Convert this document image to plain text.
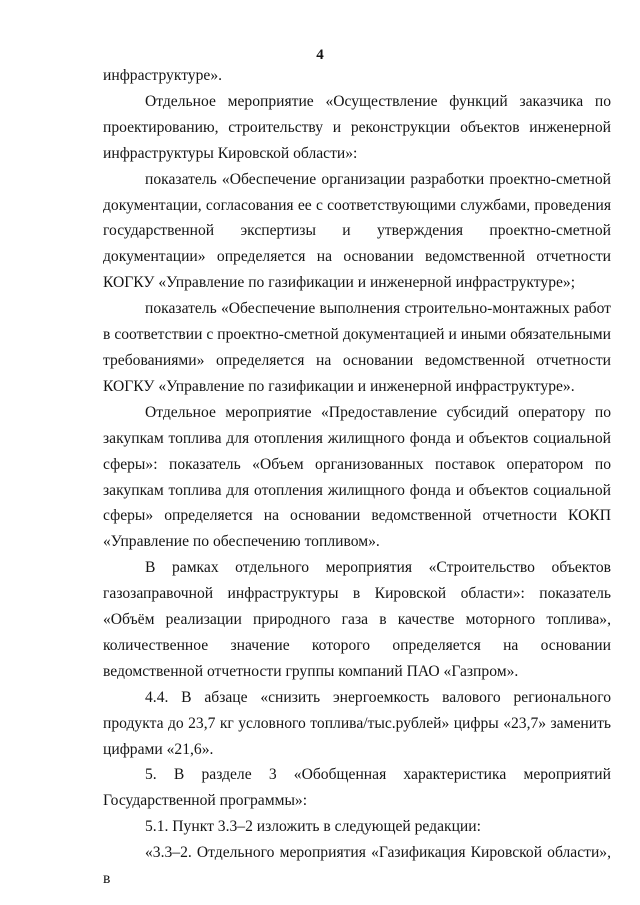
4

инфраструктуре».

Отдельное мероприятие «Осуществление функций заказчика по проектированию, строительству и реконструкции объектов инженерной инфраструктуры Кировской области»:

показатель «Обеспечение организации разработки проектно-сметной документации, согласования ее с соответствующими службами, проведения государственной экспертизы и утверждения проектно-сметной документации» определяется на основании ведомственной отчетности КОГКУ «Управление по газификации и инженерной инфраструктуре»;

показатель «Обеспечение выполнения строительно-монтажных работ в соответствии с проектно-сметной документацией и иными обязательными требованиями» определяется на основании ведомственной отчетности КОГКУ «Управление по газификации и инженерной инфраструктуре».

Отдельное мероприятие «Предоставление субсидий оператору по закупкам топлива для отопления жилищного фонда и объектов социальной сферы»: показатель «Объем организованных поставок оператором по закупкам топлива для отопления жилищного фонда и объектов социальной сферы» определяется на основании ведомственной отчетности КОКП «Управление по обеспечению топливом».

В рамках отдельного мероприятия «Строительство объектов газозаправочной инфраструктуры в Кировской области»: показатель «Объём реализации природного газа в качестве моторного топлива», количественное значение которого определяется на основании ведомственной отчетности группы компаний ПАО «Газпром».

4.4. В абзаце «снизить энергоемкость валового регионального продукта до 23,7 кг условного топлива/тыс.рублей» цифры «23,7» заменить цифрами «21,6».

5. В разделе 3 «Обобщенная характеристика мероприятий Государственной программы»:

5.1. Пункт 3.3–2 изложить в следующей редакции:

«3.3–2. Отдельного мероприятия «Газификация Кировской области», в
